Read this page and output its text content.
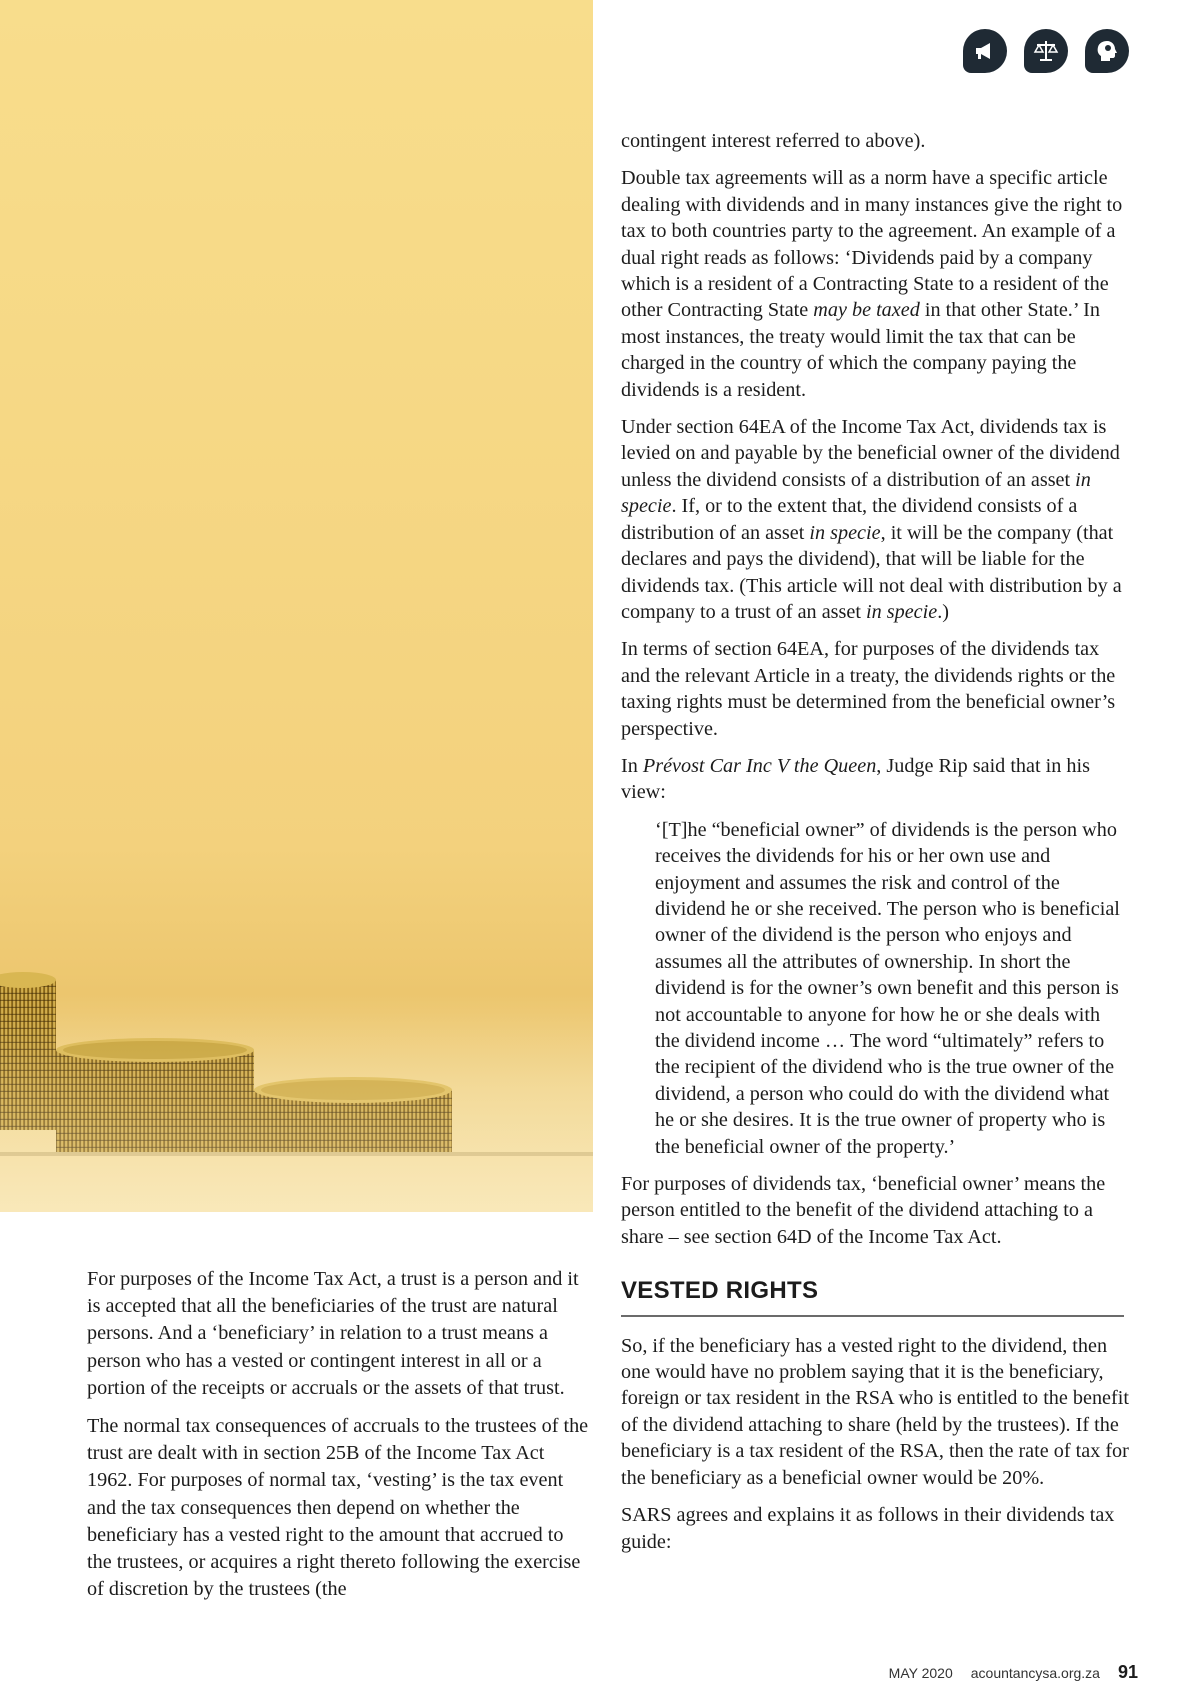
contingent interest referred to above).

Double tax agreements will as a norm have a specific article dealing with dividends and in many instances give the right to tax to both countries party to the agreement. An example of a dual right reads as follows: ‘Dividends paid by a company which is a resident of a Contracting State to a resident of the other Contracting State may be taxed in that other State.’ In most instances, the treaty would limit the tax that can be charged in the country of which the company paying the dividends is a resident.

Under section 64EA of the Income Tax Act, dividends tax is levied on and payable by the beneficial owner of the dividend unless the dividend consists of a distribution of an asset in specie. If, or to the extent that, the dividend consists of a distribution of an asset in specie, it will be the company (that declares and pays the dividend), that will be liable for the dividends tax. (This article will not deal with distribution by a company to a trust of an asset in specie.)

In terms of section 64EA, for purposes of the dividends tax and the relevant Article in a treaty, the dividends rights or the taxing rights must be determined from the beneficial owner’s perspective.

In Prévost Car Inc V the Queen, Judge Rip said that in his view:

‘[T]he “beneficial owner” of dividends is the person who receives the dividends for his or her own use and enjoyment and assumes the risk and control of the dividend he or she received. The person who is beneficial owner of the dividend is the person who enjoys and assumes all the attributes of ownership. In short the dividend is for the owner’s own benefit and this person is not accountable to anyone for how he or she deals with the dividend income … The word “ultimately” refers to the recipient of the dividend who is the true owner of the dividend, a person who could do with the dividend what he or she desires. It is the true owner of property who is the beneficial owner of the property.’

For purposes of dividends tax, ‘beneficial owner’ means the person entitled to the benefit of the dividend attaching to a share – see section 64D of the Income Tax Act.

VESTED RIGHTS

So, if the beneficiary has a vested right to the dividend, then one would have no problem saying that it is the beneficiary, foreign or tax resident in the RSA who is entitled to the benefit of the dividend attaching to share (held by the trustees). If the beneficiary is a tax resident of the RSA, then the rate of tax for the beneficiary as a beneficial owner would be 20%.

SARS agrees and explains it as follows in their dividends tax guide:

For purposes of the Income Tax Act, a trust is a person and it is accepted that all the beneficiaries of the trust are natural persons. And a ‘beneficiary’ in relation to a trust means a person who has a vested or contingent interest in all or a portion of the receipts or accruals or the assets of that trust.

The normal tax consequences of accruals to the trustees of the trust are dealt with in section 25B of the Income Tax Act 1962. For purposes of normal tax, ‘vesting’ is the tax event and the tax consequences then depend on whether the beneficiary has a vested right to the amount that accrued to the trustees, or acquires a right thereto following the exercise of discretion by the trustees (the

MAY 2020 acountancysa.org.za 91
